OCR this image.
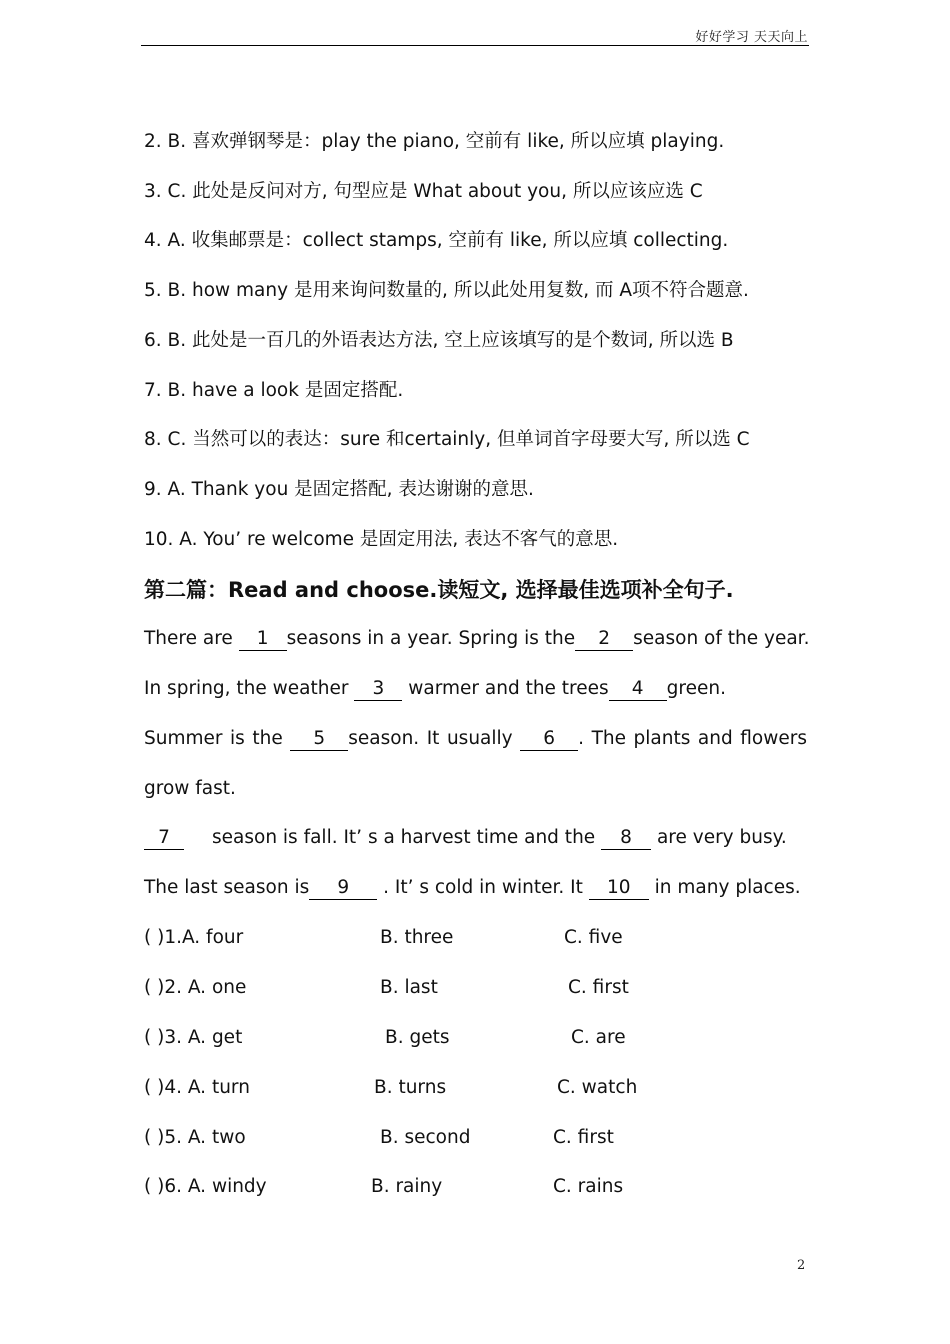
好好学习 天天向上
2. B. 喜欢弹钢琴是：play the piano, 空前有 like, 所以应填 playing.
3. C. 此处是反问对方, 句型应是 What about you, 所以应该应选 C
4. A. 收集邮票是：collect stamps, 空前有 like, 所以应填 collecting.
5. B. how many 是用来询问数量的, 所以此处用复数, 而 A项不符合题意.
6. B. 此处是一百几的外语表达方法, 空上应该填写的是个数词, 所以选 B
7. B. have a look 是固定搭配.
8. C. 当然可以的表达：sure 和certainly, 但单词首字母要大写, 所以选 C
9. A. Thank you 是固定搭配, 表达谢谢的意思.
10. A. You’ re welcome 是固定用法, 表达不客气的意思.
第二篇：Read and choose.读短文, 选择最佳选项补全句子.
There are 1 seasons in a year. Spring is the 2 season of the year.
In spring, the weather 3 warmer and the trees 4 green.
Summer is the	5 season. It usually	6 . The plants and flowers
grow fast.
7 season is fall. It’ s a harvest time and the 8 are very busy.
The last season is 9 . It’ s cold in winter. It 10 in many places.
( )1.A. four	B. three	C. five
( )2. A. one	B. last	C. first
( )3. A. get	B. gets	C. are
( )4. A. turn	B. turns	C. watch
( )5. A. two	B. second	C. first
( )6. A. windy	B. rainy	C. rains
2
